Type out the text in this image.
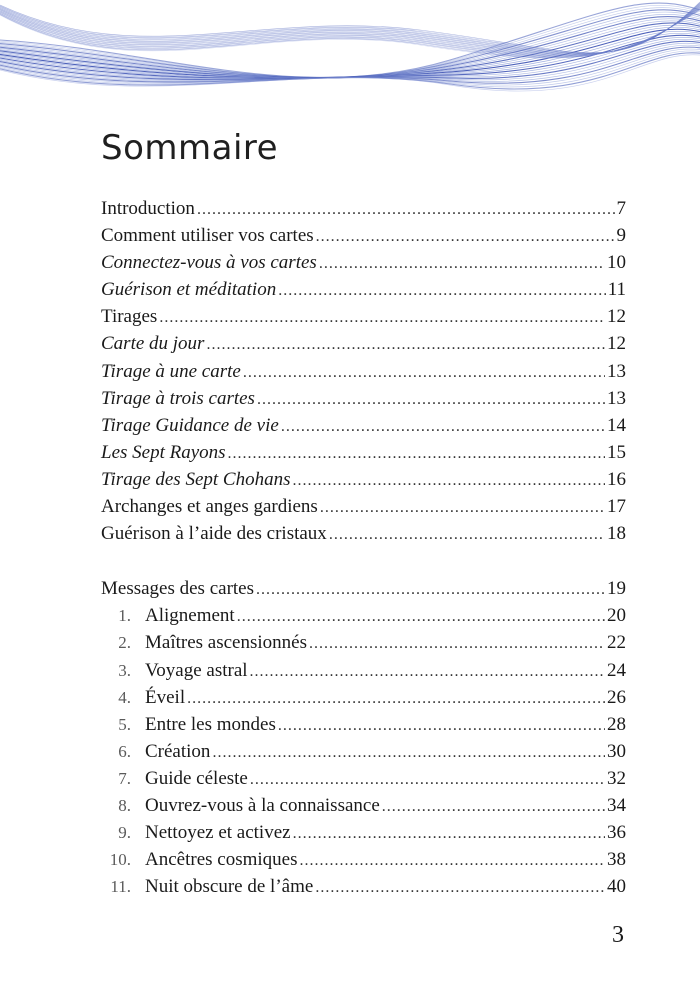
Sommaire
Introduction .....	7
Comment utiliser vos cartes .....	9
Connectez-vous à vos cartes .....	10
Guérison et méditation .....	11
Tirages .....	12
Carte du jour .....	12
Tirage à une carte .....	13
Tirage à trois cartes .....	13
Tirage Guidance de vie .....	14
Les Sept Rayons .....	15
Tirage des Sept Chohans .....	16
Archanges et anges gardiens .....	17
Guérison à l’aide des cristaux .....	18
Messages des cartes .....	19
1. Alignement .....	20
2. Maîtres ascensionnés .....	22
3. Voyage astral .....	24
4. Éveil .....	26
5. Entre les mondes .....	28
6. Création .....	30
7. Guide céleste .....	32
8. Ouvrez-vous à la connaissance .....	34
9. Nettoyez et activez .....	36
10. Ancêtres cosmiques .....	38
11. Nuit obscure de l’âme .....	40
3
